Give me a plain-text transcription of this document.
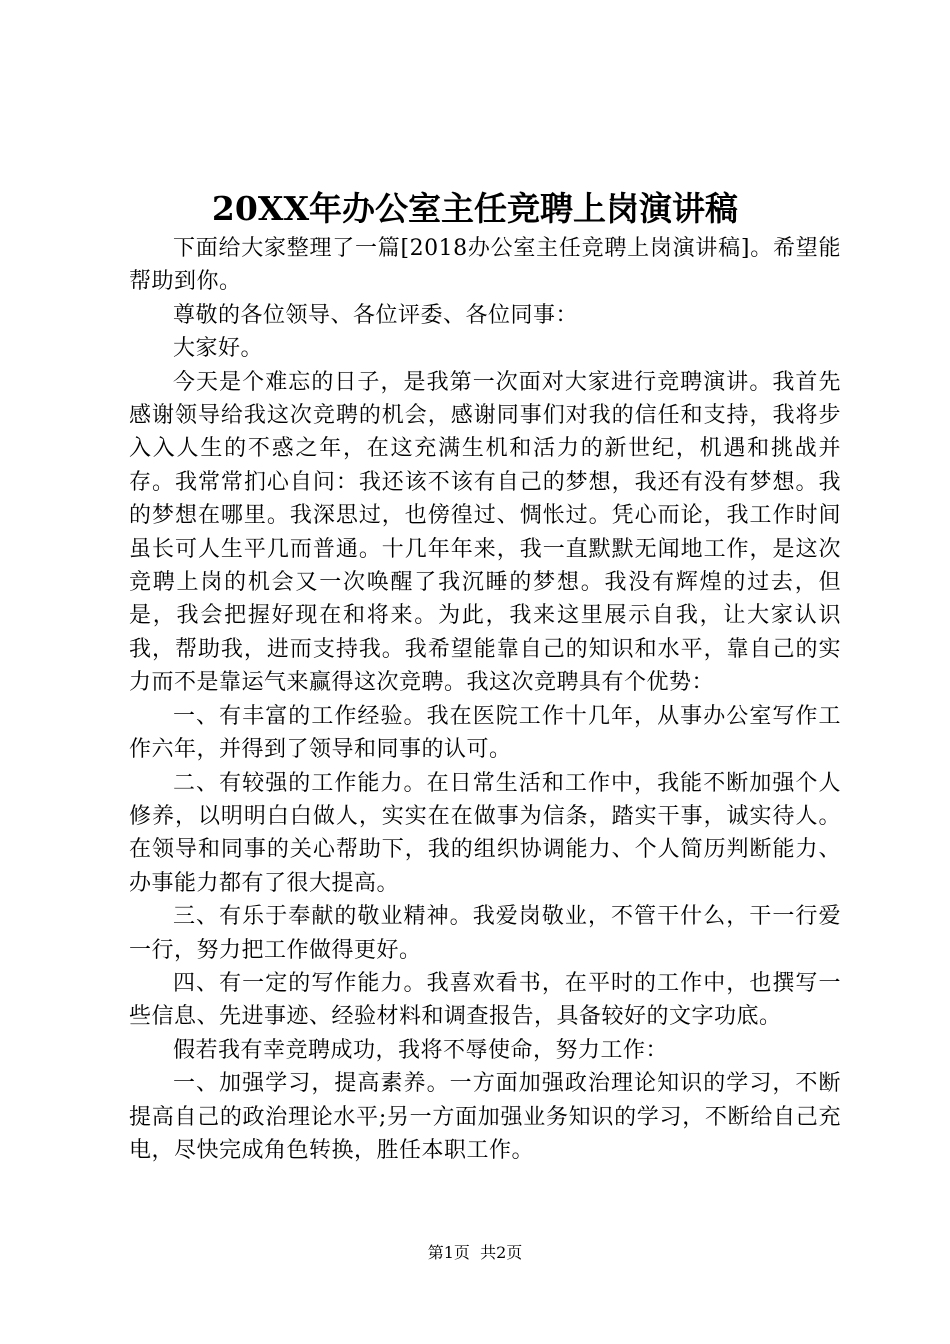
20XX年办公室主任竞聘上岗演讲稿

下面给大家整理了一篇[2018办公室主任竞聘上岗演讲稿]。希望能帮助到你。

尊敬的各位领导、各位评委、各位同事：

大家好。

今天是个难忘的日子，是我第一次面对大家进行竞聘演讲。我首先感谢领导给我这次竞聘的机会，感谢同事们对我的信任和支持，我将步入入人生的不惑之年，在这充满生机和活力的新世纪，机遇和挑战并存。我常常扪心自问：我还该不该有自己的梦想，我还有没有梦想。我的梦想在哪里。我深思过，也傍徨过、惆怅过。凭心而论，我工作时间虽长可人生平几而普通。十几年年来，我一直默默无闻地工作，是这次竞聘上岗的机会又一次唤醒了我沉睡的梦想。我没有辉煌的过去，但是，我会把握好现在和将来。为此，我来这里展示自我，让大家认识我，帮助我，进而支持我。我希望能靠自己的知识和水平，靠自己的实力而不是靠运气来赢得这次竞聘。我这次竞聘具有个优势：

一、有丰富的工作经验。我在医院工作十几年，从事办公室写作工作六年，并得到了领导和同事的认可。

二、有较强的工作能力。在日常生活和工作中，我能不断加强个人修养，以明明白白做人，实实在在做事为信条，踏实干事，诚实待人。在领导和同事的关心帮助下，我的组织协调能力、个人简历判断能力、办事能力都有了很大提高。

三、有乐于奉献的敬业精神。我爱岗敬业，不管干什么，干一行爱一行，努力把工作做得更好。

四、有一定的写作能力。我喜欢看书，在平时的工作中，也撰写一些信息、先进事迹、经验材料和调查报告，具备较好的文字功底。

假若我有幸竞聘成功，我将不辱使命，努力工作：

一、加强学习，提高素养。一方面加强政治理论知识的学习，不断提高自己的政治理论水平;另一方面加强业务知识的学习，不断给自己充电，尽快完成角色转换，胜任本职工作。

第1页  共2页
